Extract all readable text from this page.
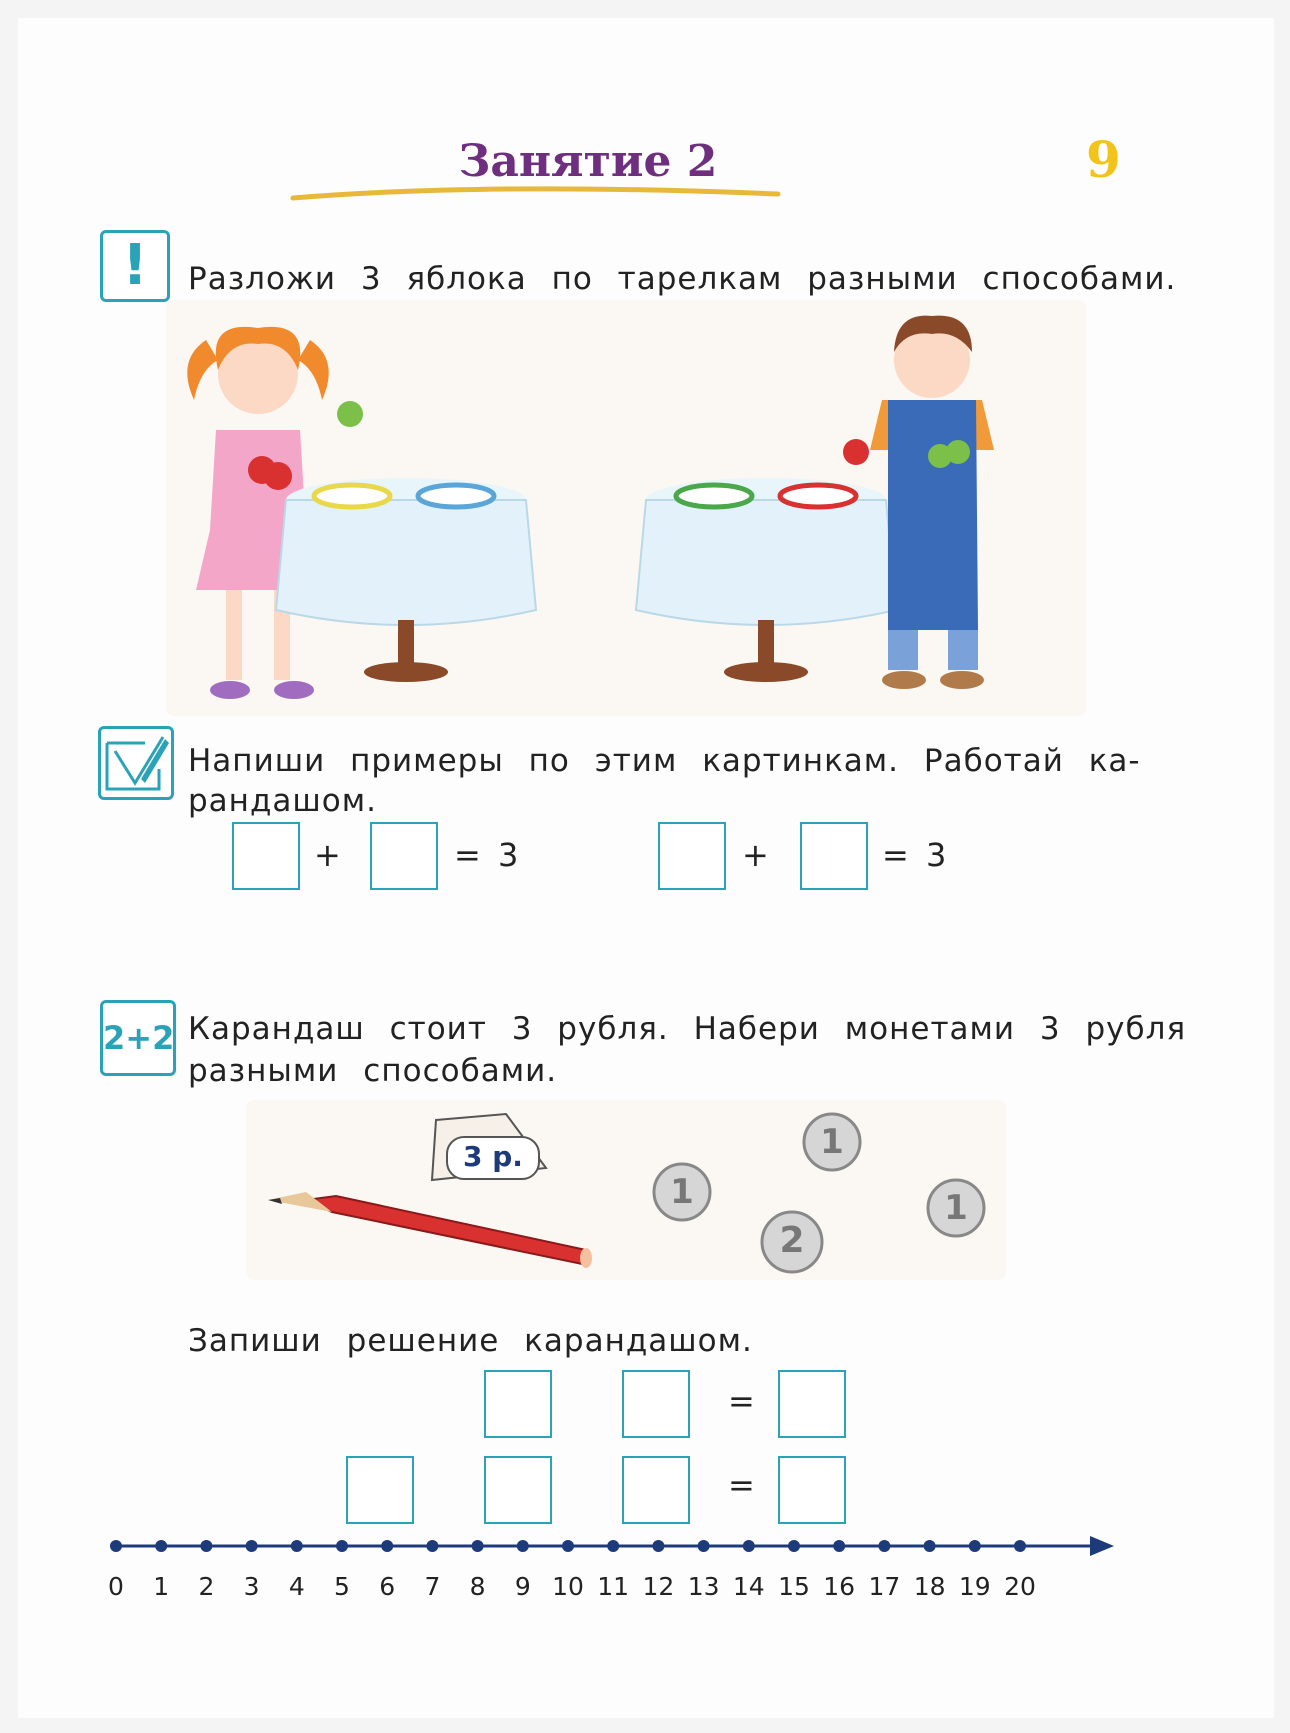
Занятие 2	9
!	Разложи 3 яблока по тарелкам разными способами.
Напиши примеры по этим картинкам. Работай ка-
рандашом.
+	= 3	+	= 3
2+2 Карандаш стоит 3 рубля. Набери монетами 3 рубля
разными способами.
3 р.
1
1
2
1
Запиши решение карандашом.
=
=
0	1	2	3	4	5	6	7	8	9 10 11 12 13 14 15 16 17 18 19 20
